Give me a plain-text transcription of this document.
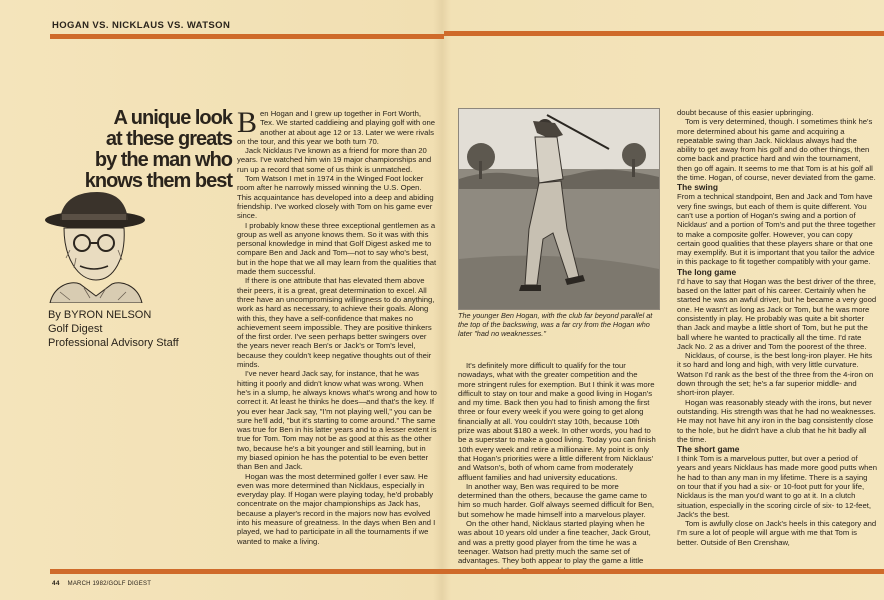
HOGAN VS. NICKLAUS VS. WATSON
A unique look
at these greats
by the man who
knows them best
By BYRON NELSON
Golf Digest
Professional Advisory Staff

Ben Hogan and I grew up together in Fort Worth, Tex. We started caddieing and playing golf with one another at about age 12 or 13. Later we were rivals on the tour, and this year we both turn 70.

Jack Nicklaus I've known as a friend for more than 20 years. I've watched him win 19 major championships and run up a record that some of us think is unmatched.

Tom Watson I met in 1974 in the Winged Foot locker room after he narrowly missed winning the U.S. Open. This acquaintance has developed into a deep and abiding friendship. I've worked closely with Tom on his game ever since.

I probably know these three exceptional gentlemen as a group as well as anyone knows them. So it was with this personal knowledge in mind that Golf Digest asked me to compare Ben and Jack and Tom—not to say who's best, but in the hope that we all may learn from the qualities that made them successful.

If there is one attribute that has elevated them above their peers, it is a great, great determination to excel. All three have an uncompromising willingness to do anything, work as hard as necessary, to achieve their goals. Along with this, they have a self-confidence that makes no achievement seem impossible. They are positive thinkers of the first order. I've seen perhaps better swingers over the years never reach Ben's or Jack's or Tom's level, because they couldn't keep negative thoughts out of their minds.

I've never heard Jack say, for instance, that he was hitting it poorly and didn't know what was wrong. When he's in a slump, he always knows what's wrong and how to correct it. At least he thinks he does—and that's the key. If you ever hear Jack say, "I'm not playing well," you can be sure he'll add, "but it's starting to come around." The same was true for Ben in his latter years and to a lesser extent is true for Tom. Tom may not be as good at this as the other two, because he's a bit younger and still learning, but in my biased opinion he has the potential to be even better than Ben and Jack.

Hogan was the most determined golfer I ever saw. He even was more determined than Nicklaus, especially in everyday play. If Hogan were playing today, he'd probably concentrate on the major championships as Jack has, because a player's record in the majors now has evolved into his measure of greatness. In the days when Ben and I played, we had to participate in all the tournaments if we wanted to make a living.

The younger Ben Hogan, with the club far beyond parallel at the top of the backswing, was a far cry from the Hogan who later "had no weaknesses."

It's definitely more difficult to qualify for the tour nowadays, what with the greater competition and the more stringent rules for exemption. But I think it was more difficult to stay on tour and make a good living in Hogan's and my time. Back then you had to finish among the first three or four every week if you were going to get along financially at all. You couldn't stay 10th, because 10th prize was about $180 a week. In other words, you had to be a superstar to make a good living. Today you can finish 10th every week and retire a millionaire. My point is only that Hogan's priorities were a little different from Nicklaus' and Watson's, both of whom came from moderately affluent families and had university educations.

In another way, Ben was required to be more determined than the others, because the game came to him so much harder. Golf always seemed difficult for Ben, but somehow he made himself into a marvelous player.

On the other hand, Nicklaus started playing when he was about 10 years old under a fine teacher, Jack Grout, and was a pretty good player from the time he was a teenager. Watson had pretty much the same set of advantages. They both appear to play the game a little

doubt because of this easier upbringing.

Tom is very determined, though. I sometimes think he's more determined about his game and acquiring a repeatable swing than Jack. Nicklaus always had the ability to get away from his golf and do other things, then come back and practice hard and win the tournament, then go off again. It seems to me that Tom is at his golf all the time. Hogan, of course, never deviated from the game.

The swing

From a technical standpoint, Ben and Jack and Tom have very fine swings, but each of them is quite different. You can't use a portion of Hogan's swing and a portion of Nicklaus' and a portion of Tom's and put the three together to make a composite golfer. However, you can copy certain good qualities that these players share or that one may exemplify. But it is important that you tailor the advice in this package to fit together compatibly with your game.

The long game

I'd have to say that Hogan was the best driver of the three, based on the latter part of his career. Certainly when he started he was an awful driver, but he became a very good one. He wasn't as long as Jack or Tom, but he was more consistently in play. He probably was quite a bit shorter than Jack and maybe a little short of Tom, but he put the ball where he wanted to practically all the time. I'd rate Jack No. 2 as a driver and Tom the poorest of the three.

Nicklaus, of course, is the best long-iron player. He hits it so hard and long and high, with very little curvature. Watson I'd rank as the best of the three from the 4-iron on down through the set; he's a far superior middle- and short-iron player.

Hogan was reasonably steady with the irons, but never outstanding. His strength was that he had no weaknesses. He may not have hit any iron in the bag consistently close to the hole, but he didn't have a club that he hit badly all the time.

The short game

I think Tom is a marvelous putter, but over a period of years and years Nicklaus has made more good putts when he had to than any man in my lifetime. There is a saying on tour that if you had a six- or 10-foot putt for your life, Nicklaus is the man you'd want to go at it. In a clutch situation, especially in the scoring circle of six- to 12-feet, Jack's the best.

Tom is awfully close on Jack's heels in this category and I'm sure a lot of people will argue with me that Tom is better. Outside of Ben Crenshaw,

44 MARCH 1982/GOLF DIGEST
